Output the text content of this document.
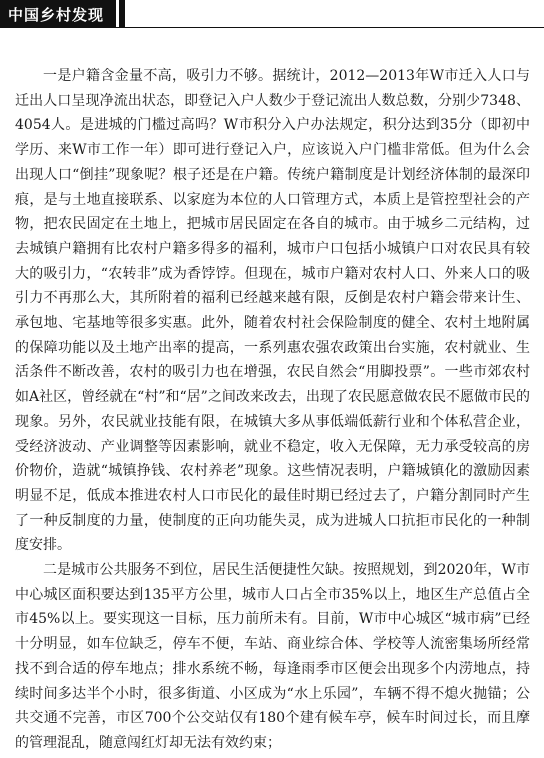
中国乡村发现

一是户籍含金量不高，吸引力不够。据统计，2012—2013年W市迁入人口与迁出人口呈现净流出状态，即登记入户人数少于登记流出人数总数，分别少7348、4054人。是进城的门槛过高吗？W市积分入户办法规定，积分达到35分（即初中学历、来W市工作一年）即可进行登记入户，应该说入户门槛非常低。但为什么会出现人口“倒挂”现象呢？根子还是在户籍。传统户籍制度是计划经济体制的最深印痕，是与土地直接联系、以家庭为本位的人口管理方式，本质上是管控型社会的产物，把农民固定在土地上，把城市居民固定在各自的城市。由于城乡二元结构，过去城镇户籍拥有比农村户籍多得多的福利，城市户口包括小城镇户口对农民具有较大的吸引力，“农转非”成为香饽饽。但现在，城市户籍对农村人口、外来人口的吸引力不再那么大，其所附着的福利已经越来越有限，反倒是农村户籍会带来计生、承包地、宅基地等很多实惠。此外，随着农村社会保险制度的健全、农村土地附属的保障功能以及土地产出率的提高，一系列惠农强农政策出台实施，农村就业、生活条件不断改善，农村的吸引力也在增强，农民自然会“用脚投票”。一些市郊农村如A社区，曾经就在“村”和“居”之间改来改去，出现了农民愿意做农民不愿做市民的现象。另外，农民就业技能有限，在城镇大多从事低端低薪行业和个体私营企业，受经济波动、产业调整等因素影响，就业不稳定，收入无保障，无力承受较高的房价物价，造就“城镇挣钱、农村养老”现象。这些情况表明，户籍城镇化的激励因素明显不足，低成本推进农村人口市民化的最佳时期已经过去了，户籍分割同时产生了一种反制度的力量，使制度的正向功能失灵，成为进城人口抗拒市民化的一种制度安排。

二是城市公共服务不到位，居民生活便捷性欠缺。按照规划，到2020年，W市中心城区面积要达到135平方公里，城市人口占全市35%以上，地区生产总值占全市45%以上。要实现这一目标，压力前所未有。目前，W市中心城区“城市病”已经十分明显，如车位缺乏，停车不便，车站、商业综合体、学校等人流密集场所经常找不到合适的停车地点；排水系统不畅，每逢雨季市区便会出现多个内涝地点，持续时间多达半个小时，很多街道、小区成为“水上乐园”，车辆不得不熄火抛锚；公共交通不完善，市区700个公交站仅有180个建有候车亭，候车时间过长，而且摩的管理混乱，随意闯红灯却无法有效约束；
